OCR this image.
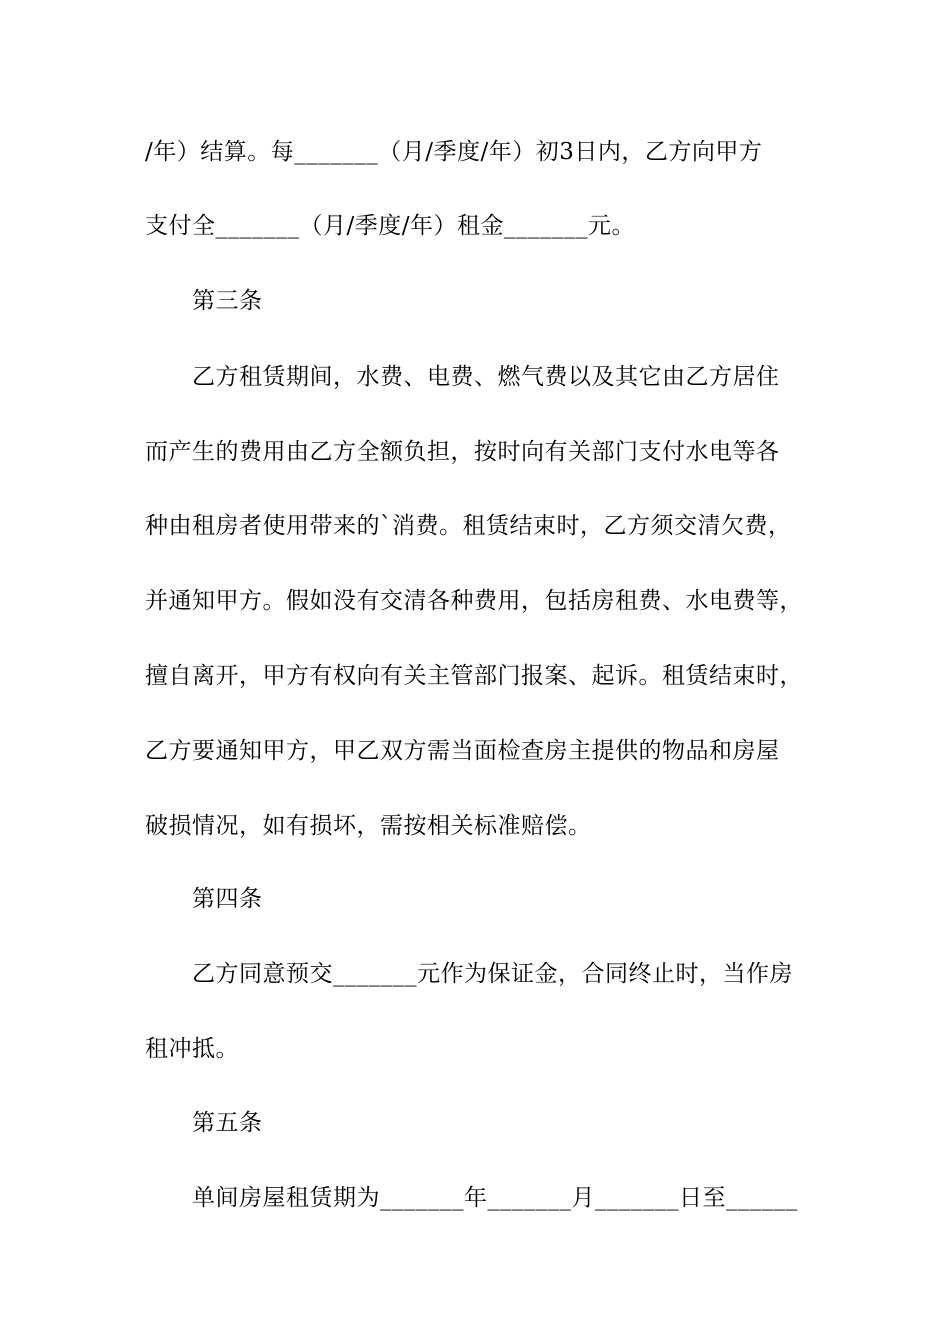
/年）结算。每_______（月/季度/年）初3日内，乙方向甲方
支付全_______（月/季度/年）租金_______元。
第三条
乙方租赁期间，水费、电费、燃气费以及其它由乙方居住
而产生的费用由乙方全额负担，按时向有关部门支付水电等各
种由租房者使用带来的`消费。租赁结束时，乙方须交清欠费，
并通知甲方。假如没有交清各种费用，包括房租费、水电费等，
擅自离开，甲方有权向有关主管部门报案、起诉。租赁结束时，
乙方要通知甲方，甲乙双方需当面检查房主提供的物品和房屋
破损情况，如有损坏，需按相关标准赔偿。
第四条
乙方同意预交_______元作为保证金，合同终止时，当作房
租冲抵。
第五条
单间房屋租赁期为_______年_______月_______日至______
